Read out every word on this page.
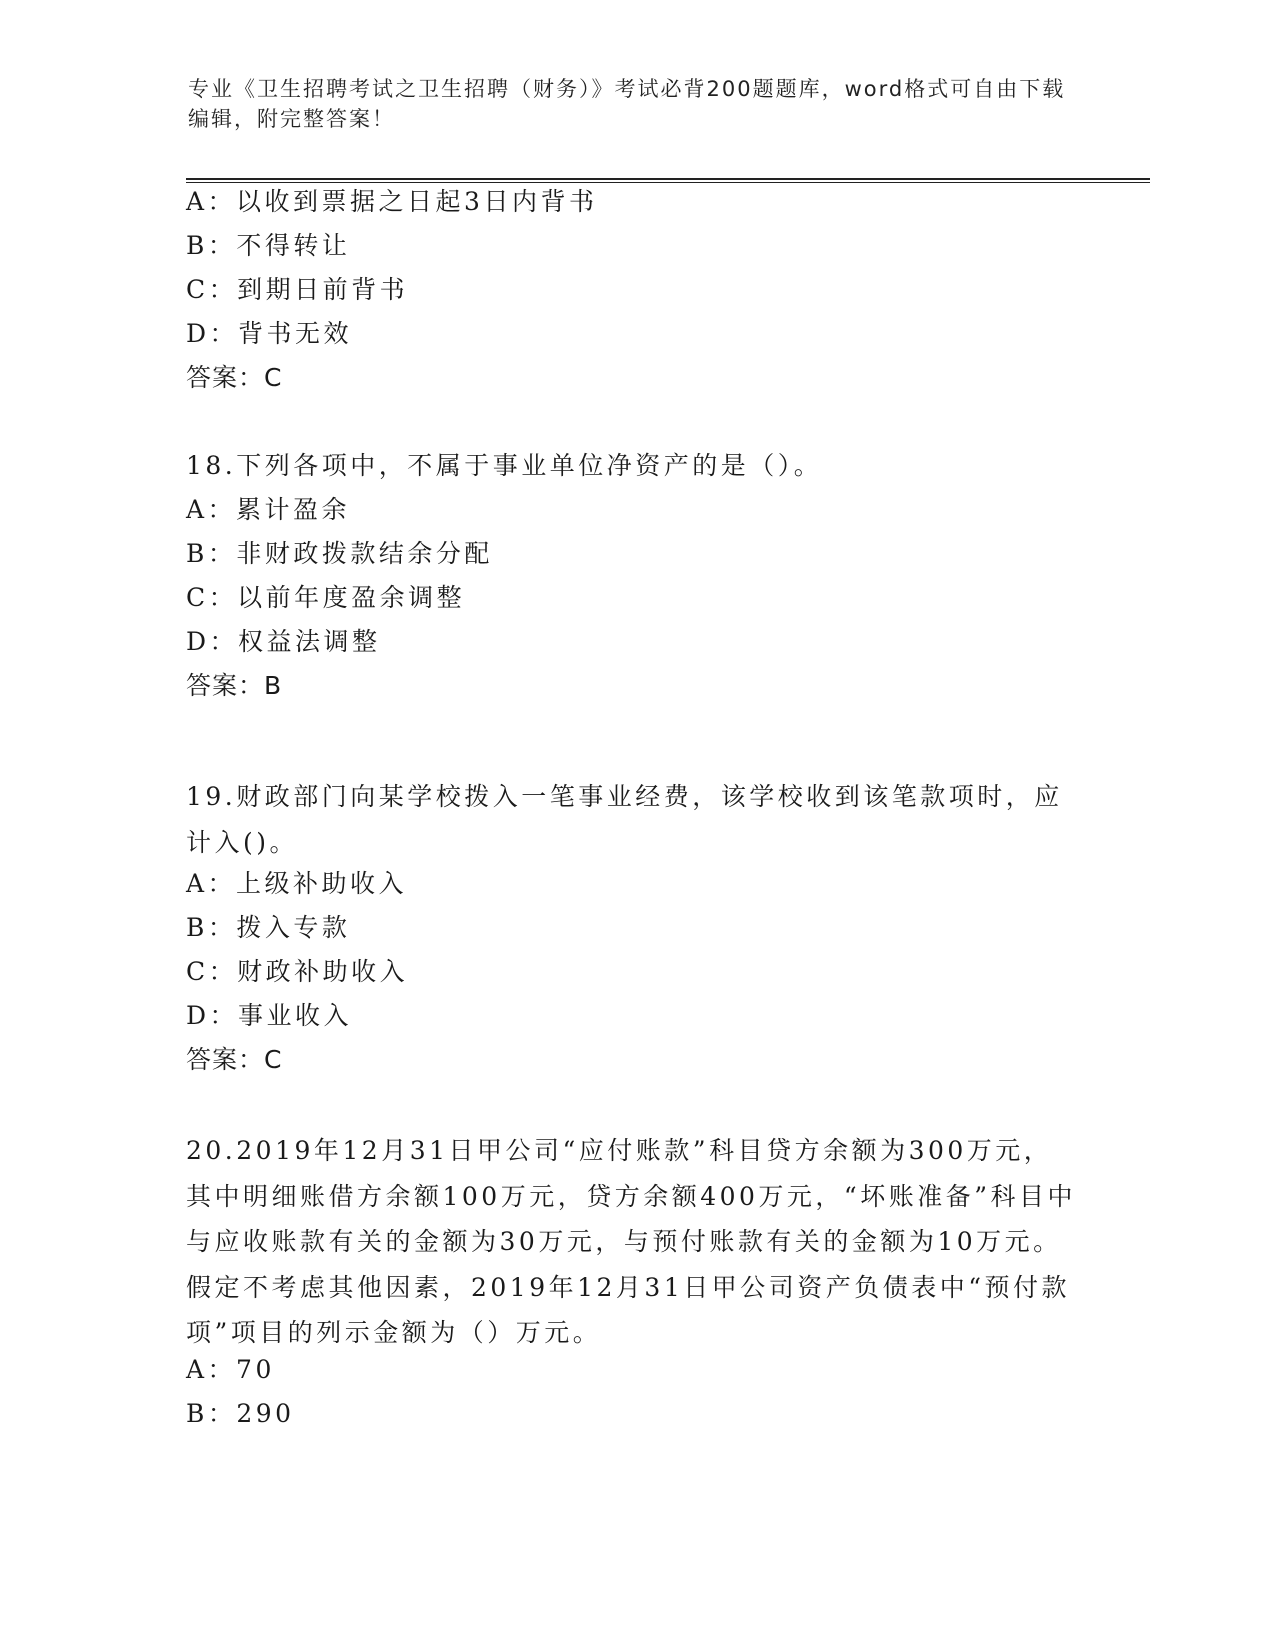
专业《卫生招聘考试之卫生招聘（财务）》考试必背200题题库，word格式可自由下载编辑，附完整答案！
A：以收到票据之日起3日内背书
B：不得转让
C：到期日前背书
D：背书无效
答案：C
18.下列各项中，不属于事业单位净资产的是（）。
A：累计盈余
B：非财政拨款结余分配
C：以前年度盈余调整
D：权益法调整
答案：B
19.财政部门向某学校拨入一笔事业经费，该学校收到该笔款项时，应计入()。
A：上级补助收入
B：拨入专款
C：财政补助收入
D：事业收入
答案：C
20.2019年12月31日甲公司“应付账款”科目贷方余额为300万元，其中明细账借方余额100万元，贷方余额400万元，“坏账准备”科目中与应收账款有关的金额为30万元，与预付账款有关的金额为10万元。假定不考虑其他因素，2019年12月31日甲公司资产负债表中“预付款项”项目的列示金额为（）万元。
A：70
B：290
